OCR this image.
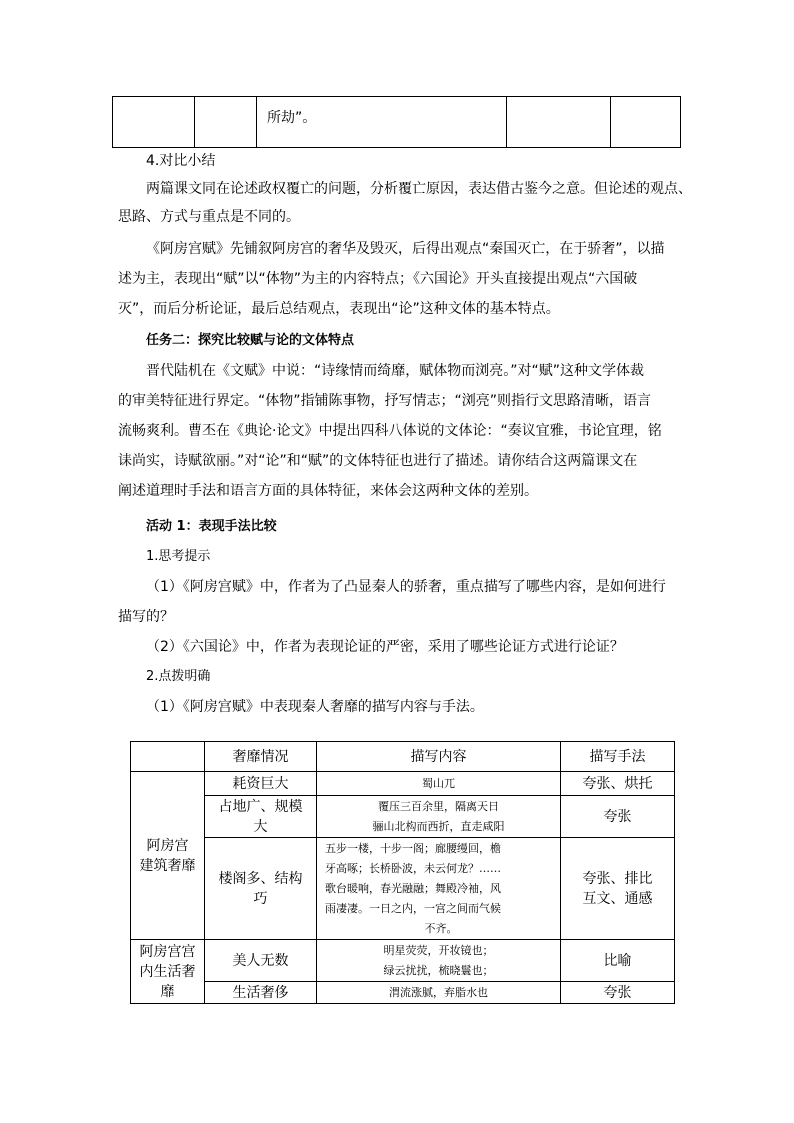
		所劫”。		
4.对比小结
两篇课文同在论述政权覆亡的问题，分析覆亡原因，表达借古鉴今之意。但论述的观点、
思路、方式与重点是不同的。
《阿房宫赋》先铺叙阿房宫的奢华及毁灭，后得出观点“秦国灭亡，在于骄奢”，以描
述为主，表现出“赋”以“体物”为主的内容特点；《六国论》开头直接提出观点“六国破
灭”，而后分析论证，最后总结观点，表现出“论”这种文体的基本特点。
任务二：探究比较赋与论的文体特点
晋代陆机在《文赋》中说：“诗缘情而绮靡，赋体物而浏亮。”对“赋”这种文学体裁
的审美特征进行界定。“体物”指铺陈事物，抒写情志；“浏亮”则指行文思路清晰，语言
流畅爽利。曹丕在《典论·论文》中提出四科八体说的文体论：“奏议宜雅，书论宜理，铭
诔尚实，诗赋欲丽。”对“论”和“赋”的文体特征也进行了描述。请你结合这两篇课文在
阐述道理时手法和语言方面的具体特征，来体会这两种文体的差别。
活动 1：表现手法比较
1.思考提示
（1）《阿房宫赋》中，作者为了凸显秦人的骄奢，重点描写了哪些内容，是如何进行
描写的？
（2）《六国论》中，作者为表现论证的严密，采用了哪些论证方式进行论证？
2.点拨明确
（1）《阿房宫赋》中表现秦人奢靡的描写内容与手法。
	奢靡情况	描写内容	描写手法

阿房宫
建筑奢靡	耗资巨大	蜀山兀	夸张、烘托

	占地广、规模
大	覆压三百余里，隔离天日
骊山北构而西折，直走咸阳	夸张

	楼阁多、结构
巧	五步一楼，十步一阁；廊腰缦回，檐
牙高啄；长桥卧波，未云何龙？……
歌台暖响，春光融融；舞殿冷袖，风
雨凄凄。一日之内，一宫之间而气候
不齐。	夸张、排比
互文、通感

阿房宫宫
内生活奢
靡	美人无数	明星荧荧，开妆镜也；
绿云扰扰，梳晓鬟也；	比喻
	生活奢侈	渭流涨腻，弃脂水也	夸张
